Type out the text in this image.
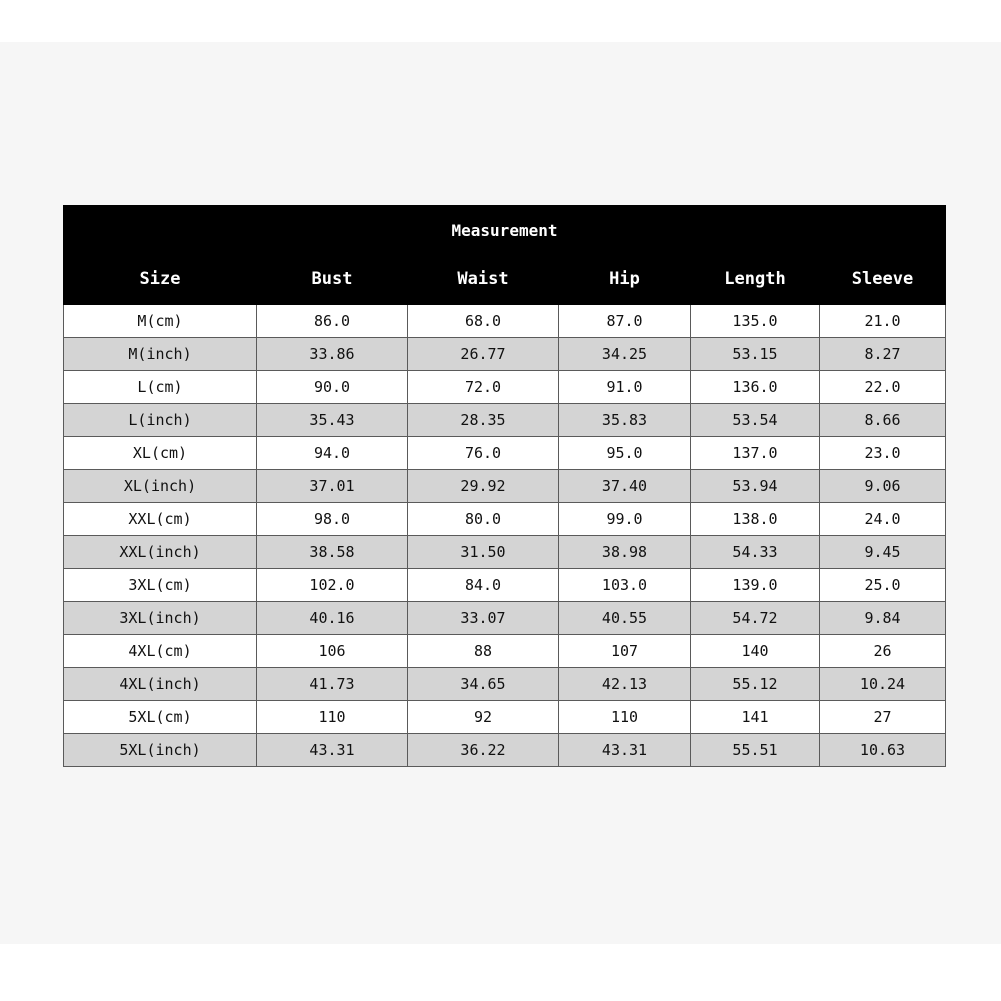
Measurement					
Size	Bust	Waist	Hip	Length	Sleeve
M(cm)	86.0	68.0	87.0	135.0	21.0
M(inch)	33.86	26.77	34.25	53.15	8.27
L(cm)	90.0	72.0	91.0	136.0	22.0
L(inch)	35.43	28.35	35.83	53.54	8.66
XL(cm)	94.0	76.0	95.0	137.0	23.0
XL(inch)	37.01	29.92	37.40	53.94	9.06
XXL(cm)	98.0	80.0	99.0	138.0	24.0
XXL(inch)	38.58	31.50	38.98	54.33	9.45
3XL(cm)	102.0	84.0	103.0	139.0	25.0
3XL(inch)	40.16	33.07	40.55	54.72	9.84
4XL(cm)	106	88	107	140	26
4XL(inch)	41.73	34.65	42.13	55.12	10.24
5XL(cm)	110	92	110	141	27
5XL(inch)	43.31	36.22	43.31	55.51	10.63
